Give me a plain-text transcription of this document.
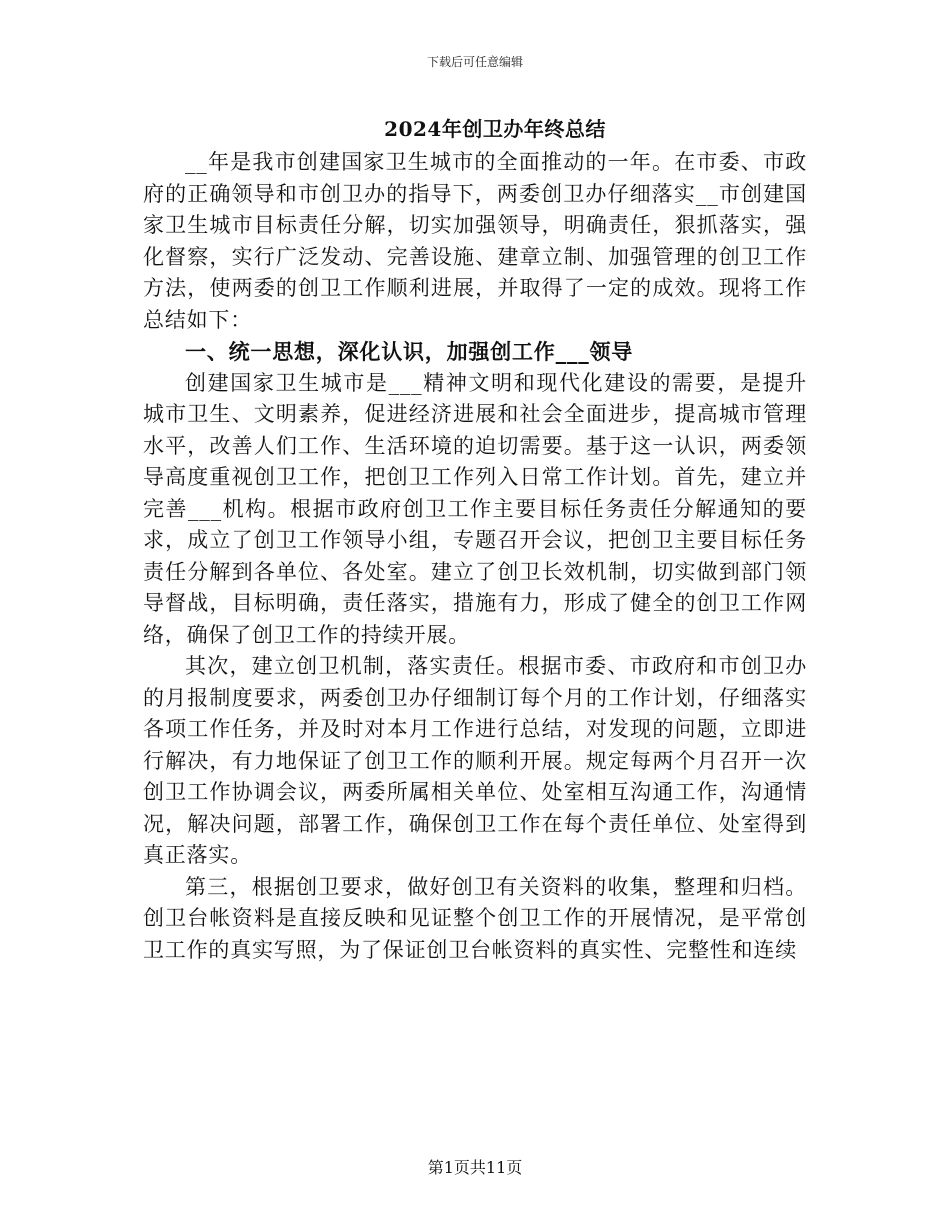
下载后可任意编辑
2024年创卫办年终总结

__年是我市创建国家卫生城市的全面推动的一年。在市委、市政府的正确领导和市创卫办的指导下，两委创卫办仔细落实__市创建国家卫生城市目标责任分解，切实加强领导，明确责任，狠抓落实，强化督察，实行广泛发动、完善设施、建章立制、加强管理的创卫工作方法，使两委的创卫工作顺利进展，并取得了一定的成效。现将工作总结如下：

一、统一思想，深化认识，加强创工作___领导

创建国家卫生城市是___精神文明和现代化建设的需要，是提升城市卫生、文明素养，促进经济进展和社会全面进步，提高城市管理水平，改善人们工作、生活环境的迫切需要。基于这一认识，两委领导高度重视创卫工作，把创卫工作列入日常工作计划。首先，建立并完善___机构。根据市政府创卫工作主要目标任务责任分解通知的要求，成立了创卫工作领导小组，专题召开会议，把创卫主要目标任务责任分解到各单位、各处室。建立了创卫长效机制，切实做到部门领导督战，目标明确，责任落实，措施有力，形成了健全的创卫工作网络，确保了创卫工作的持续开展。

其次，建立创卫机制，落实责任。根据市委、市政府和市创卫办的月报制度要求，两委创卫办仔细制订每个月的工作计划，仔细落实各项工作任务，并及时对本月工作进行总结，对发现的问题，立即进行解决，有力地保证了创卫工作的顺利开展。规定每两个月召开一次创卫工作协调会议，两委所属相关单位、处室相互沟通工作，沟通情况，解决问题，部署工作，确保创卫工作在每个责任单位、处室得到真正落实。

第三，根据创卫要求，做好创卫有关资料的收集，整理和归档。创卫台帐资料是直接反映和见证整个创卫工作的开展情况，是平常创卫工作的真实写照，为了保证创卫台帐资料的真实性、完整性和连续

第1页共11页
